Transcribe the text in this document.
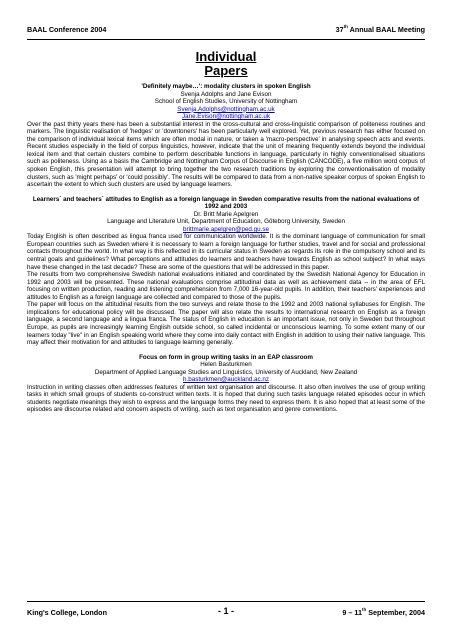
BAAL Conference 2004	37th Annual BAAL Meeting
Individual
Papers
'Definitely maybe…': modality clusters in spoken English
Svenja Adolphs and Jane Evison
School of English Studies, University of Nottingham
Svenja.Adolphs@nottingham.ac.uk
Jane.Evison@nottingham.ac.uk

Over the past thirty years there has been a substantial interest in the cross-cultural and cross-linguistic comparison of politeness routines and markers. The linguistic realisation of 'hedges' or 'downtoners' has been particularly well explored. Yet, previous research has either focused on the comparison of individual lexical items which are often modal in nature, or taken a 'macro-perspective' in analysing speech acts and events. Recent studies especially in the field of corpus linguistics, however, indicate that the unit of meaning frequently extends beyond the individual lexical item and that certain clusters combine to perform describable functions in language, particularly in highly conventionalised situations such as politeness. Using as a basis the Cambridge and Nottingham Corpus of Discourse in English (CANCODE), a five million word corpus of spoken English, this presentation will attempt to bring together the two research traditions by exploring the conventionalisation of modality clusters, such as 'might perhaps' or 'could possibly'. The results will be compared to data from a non-native speaker corpus of spoken English to ascertain the extent to which such clusters are used by language learners.

Learners´ and teachers´ attitudes to English as a foreign language in Sweden comparative results from the national evaluations of 1992 and 2003
Dr. Britt Marie Apelgren
Language and Literature Unit, Department of Education, Göteborg University, Sweden
brittmarie.apelgren@ped.gu.se

Today English is often described as lingua franca used for communication worldwide. It is the dominant language of communication for small European countries such as Sweden where it is necessary to learn a foreign language for further studies, travel and for social and professional contacts throughout the world. In what way is this reflected in its curricular status in Sweden as regards its role in the compulsory school and its central goals and guidelines? What perceptions and attitudes do learners and teachers have towards English as school subject? In what ways have these changed in the last decade? These are some of the questions that will be addressed in this paper.

The results from two comprehensive Swedish national evaluations initiated and coordinated by the Swedish National Agency for Education in 1992 and 2003 will be presented. These national evaluations comprise attitudinal data as well as achievement data -- in the area of EFL focusing on written production, reading and listening comprehension from 7,000 16-year-old pupils. In addition, their teachers' experiences and attitudes to English as a foreign language are collected and compared to those of the pupils.

The paper will focus on the attitudinal results from the two surveys and relate those to the 1992 and 2003 national syllabuses for English. The implications for educational policy will be discussed. The paper will also relate the results to international research on English as a foreign language, a second language and a lingua franca. The status of English in education is an important issue, not only in Sweden but throughout Europe, as pupils are increasingly learning English outside school, so called incidental or unconscious learning. To some extent many of our learners today "live" in an English speaking world where they come into daily contact with English in addition to using their native language. This may affect their motivation for and attitudes to language learning generally.

Focus on form in group writing tasks in an EAP classroom
Helen Basturkmen
Department of Applied Language Studies and Linguistics, University of Auckland, New Zealand
h.basturkmen@auckland.ac.nz

Instruction in writing classes often addresses features of written text organisation and discourse. It also often involves the use of group writing tasks in which small groups of students co-construct written texts. It is hoped that during such tasks language related episodes occur in which students negotiate meanings they wish to express and the language forms they need to express them. It is also hoped that at least some of the episodes are discourse related and concern aspects of writing, such as text organisation and genre conventions.

King's College, London	- 1 -	9 – 11th September, 2004
